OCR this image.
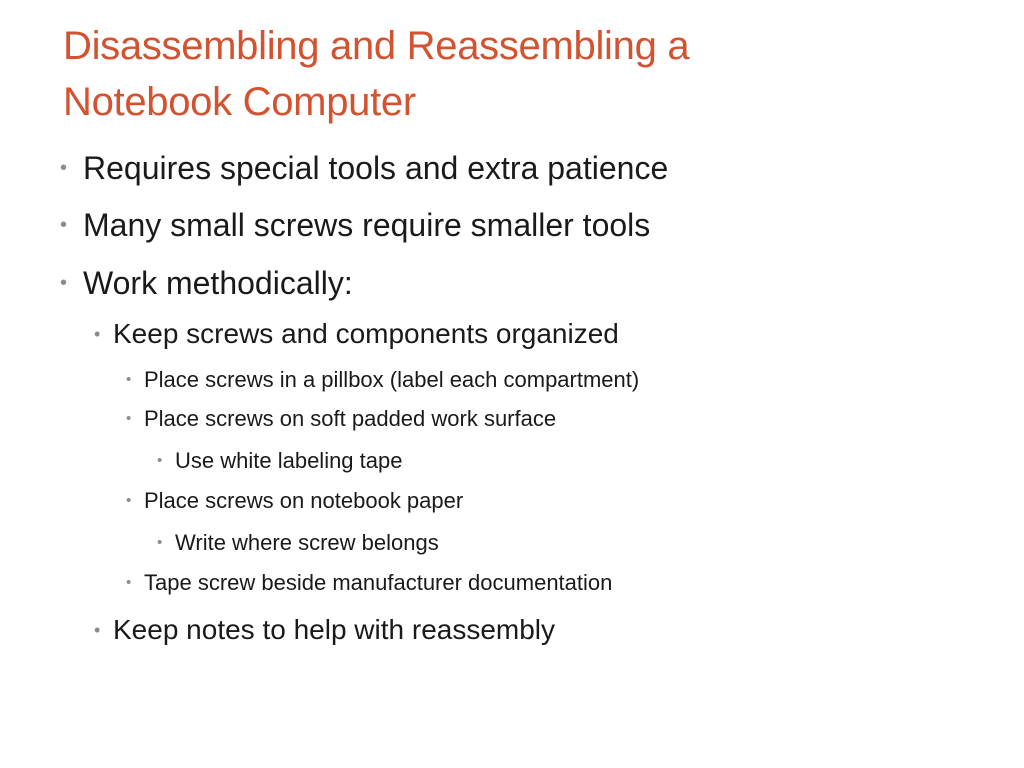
Disassembling and Reassembling a
Notebook Computer
• Requires special tools and extra patience
• Many small screws require smaller tools
• Work methodically:
• Keep screws and components organized
• Place screws in a pillbox (label each compartment)
• Place screws on soft padded work surface
• Use white labeling tape
• Place screws on notebook paper
• Write where screw belongs
• Tape screw beside manufacturer documentation
• Keep notes to help with reassembly
